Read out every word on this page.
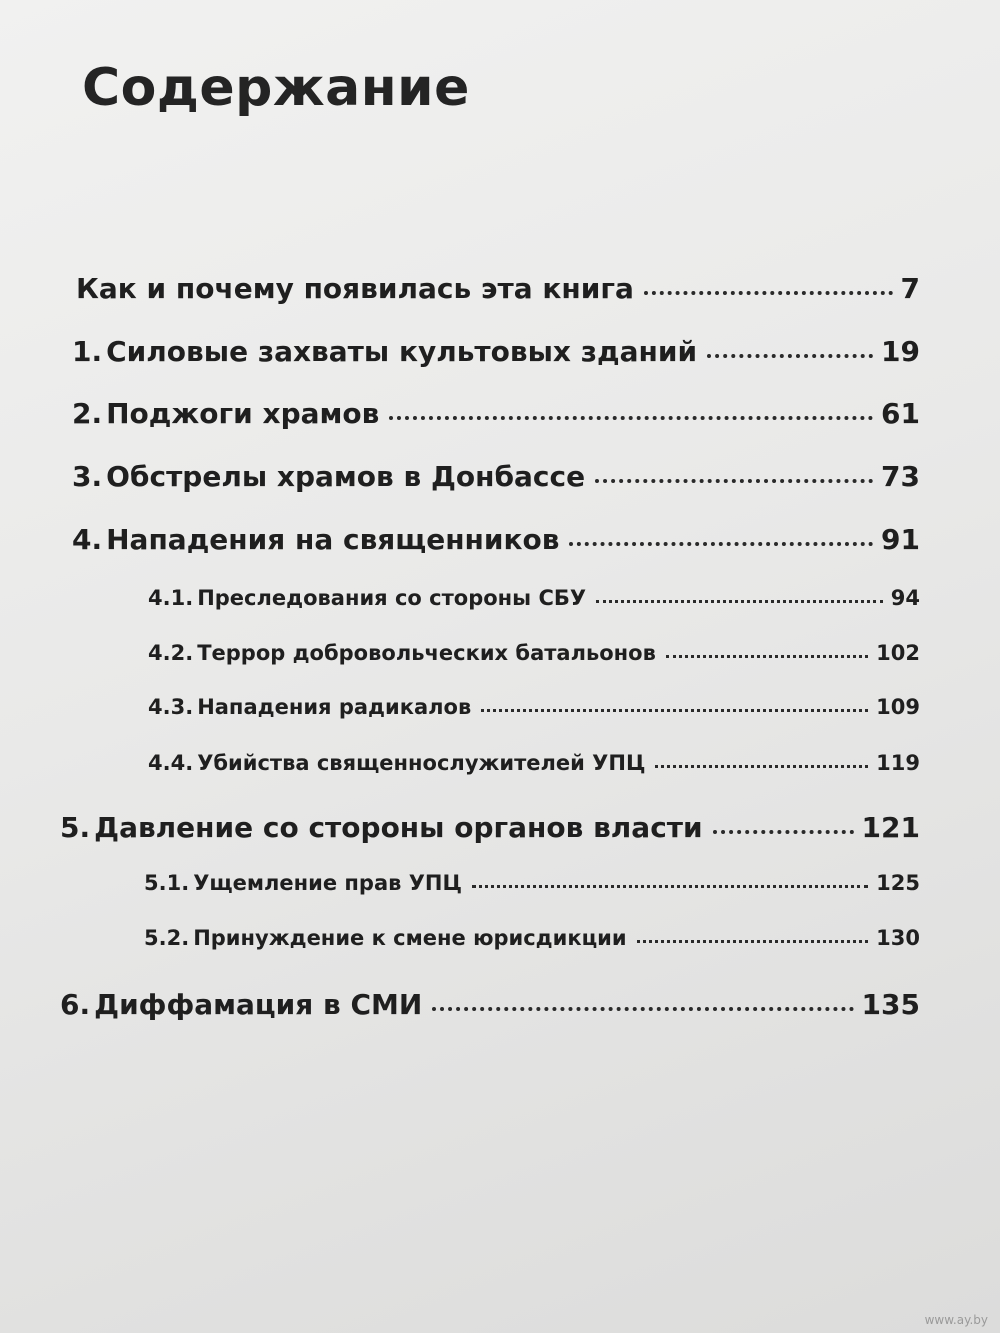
Содержание
Как и почему появилась эта книга	7
1. Силовые захваты культовых зданий	19
2. Поджоги храмов	61
3. Обстрелы храмов в Донбассе	73
4. Нападения на священников	91
4.1. Преследования со стороны СБУ	94
4.2. Террор добровольческих батальонов	102
4.3. Нападения радикалов	109
4.4. Убийства священнослужителей УПЦ	119
5. Давление со стороны органов власти	121
5.1. Ущемление прав УПЦ	125
5.2. Принуждение к смене юрисдикции	130
6. Диффамация в СМИ	135
www.ay.by
